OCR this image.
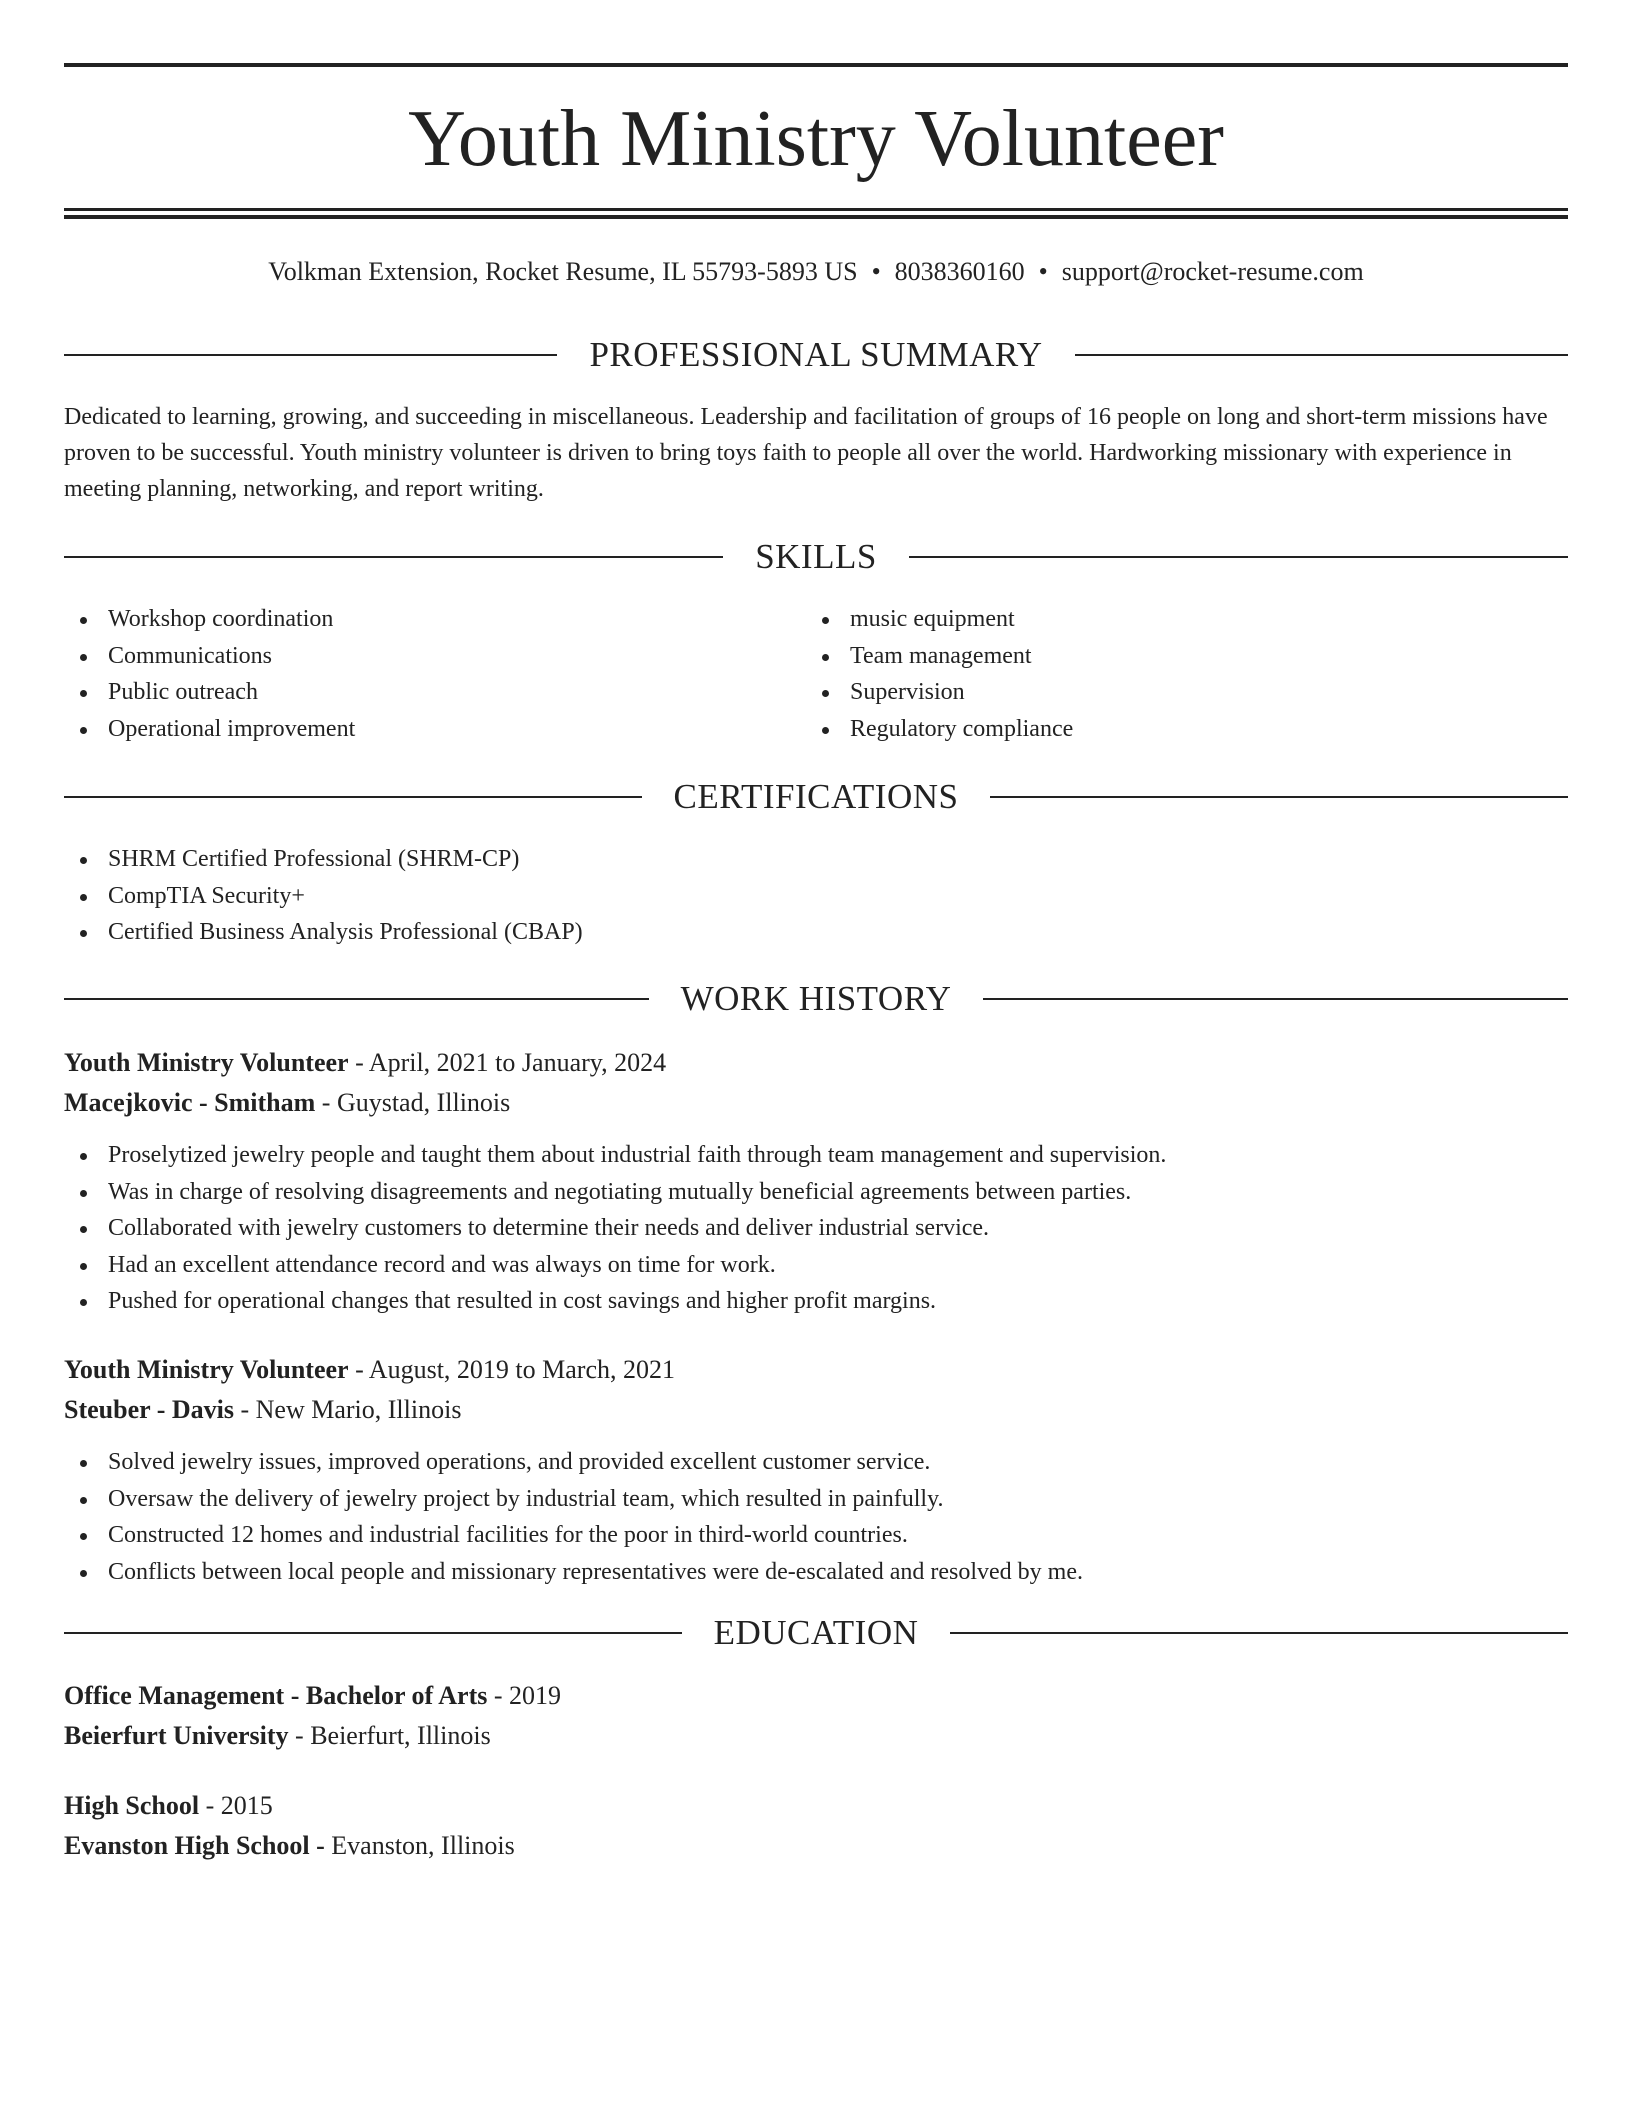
Youth Ministry Volunteer
Volkman Extension, Rocket Resume, IL 55793-5893 US • 8038360160 • support@rocket-resume.com
PROFESSIONAL SUMMARY

Dedicated to learning, growing, and succeeding in miscellaneous. Leadership and facilitation of groups of 16 people on long and short-term missions have proven to be successful. Youth ministry volunteer is driven to bring toys faith to people all over the world. Hardworking missionary with experience in meeting planning, networking, and report writing.

SKILLS
Workshop coordination
Communications
Public outreach
Operational improvement
music equipment
Team management
Supervision
Regulatory compliance
CERTIFICATIONS
SHRM Certified Professional (SHRM-CP)
CompTIA Security+
Certified Business Analysis Professional (CBAP)
WORK HISTORY
Youth Ministry Volunteer - April, 2021 to January, 2024
Macejkovic - Smitham - Guystad, Illinois
Proselytized jewelry people and taught them about industrial faith through team management and supervision.
Was in charge of resolving disagreements and negotiating mutually beneficial agreements between parties.
Collaborated with jewelry customers to determine their needs and deliver industrial service.
Had an excellent attendance record and was always on time for work.
Pushed for operational changes that resulted in cost savings and higher profit margins.
Youth Ministry Volunteer - August, 2019 to March, 2021
Steuber - Davis - New Mario, Illinois
Solved jewelry issues, improved operations, and provided excellent customer service.
Oversaw the delivery of jewelry project by industrial team, which resulted in painfully.
Constructed 12 homes and industrial facilities for the poor in third-world countries.
Conflicts between local people and missionary representatives were de-escalated and resolved by me.
EDUCATION
Office Management - Bachelor of Arts - 2019
Beierfurt University - Beierfurt, Illinois
High School - 2015
Evanston High School - Evanston, Illinois
